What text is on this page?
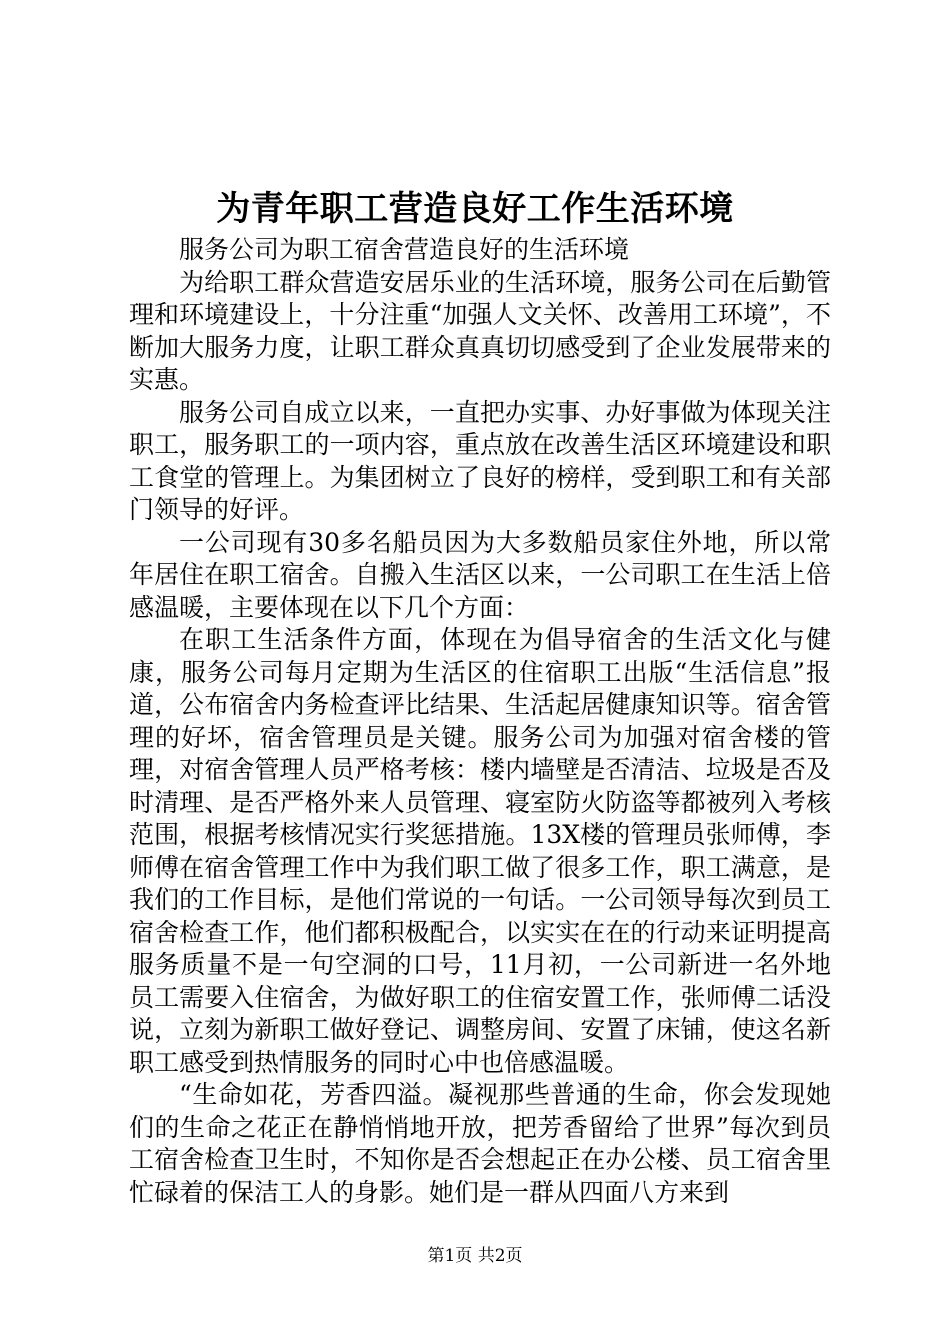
为青年职工营造良好工作生活环境

服务公司为职工宿舍营造良好的生活环境

为给职工群众营造安居乐业的生活环境，服务公司在后勤管理和环境建设上，十分注重“加强人文关怀、改善用工环境”，不断加大服务力度，让职工群众真真切切感受到了企业发展带来的实惠。

服务公司自成立以来，一直把办实事、办好事做为体现关注职工，服务职工的一项内容，重点放在改善生活区环境建设和职工食堂的管理上。为集团树立了良好的榜样，受到职工和有关部门领导的好评。

一公司现有30多名船员因为大多数船员家住外地，所以常年居住在职工宿舍。自搬入生活区以来，一公司职工在生活上倍感温暖，主要体现在以下几个方面：

在职工生活条件方面，体现在为倡导宿舍的生活文化与健康，服务公司每月定期为生活区的住宿职工出版“生活信息”报道，公布宿舍内务检查评比结果、生活起居健康知识等。宿舍管理的好坏，宿舍管理员是关键。服务公司为加强对宿舍楼的管理，对宿舍管理人员严格考核：楼内墙壁是否清洁、垃圾是否及时清理、是否严格外来人员管理、寝室防火防盗等都被列入考核范围，根据考核情况实行奖惩措施。13X楼的管理员张师傅，李师傅在宿舍管理工作中为我们职工做了很多工作，职工满意，是我们的工作目标，是他们常说的一句话。一公司领导每次到员工宿舍检查工作，他们都积极配合，以实实在在的行动来证明提高服务质量不是一句空洞的口号，11月初，一公司新进一名外地员工需要入住宿舍，为做好职工的住宿安置工作，张师傅二话没说，立刻为新职工做好登记、调整房间、安置了床铺，使这名新职工感受到热情服务的同时心中也倍感温暖。

“生命如花，芳香四溢。凝视那些普通的生命，你会发现她们的生命之花正在静悄悄地开放，把芳香留给了世界”每次到员工宿舍检查卫生时，不知你是否会想起正在办公楼、员工宿舍里忙碌着的保洁工人的身影。她们是一群从四面八方来到

第1页 共2页
